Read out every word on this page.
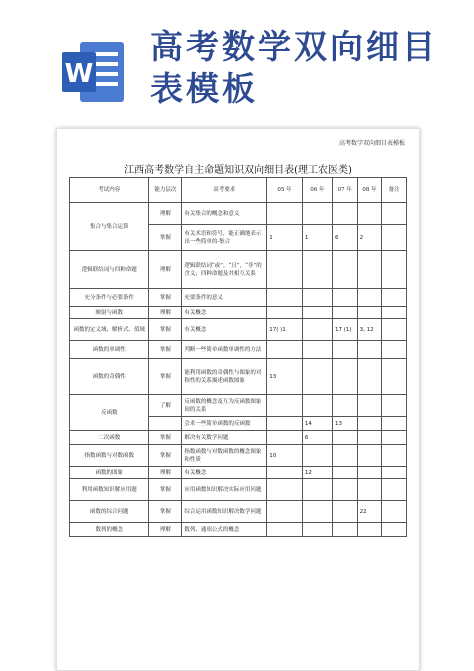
W
高考数学双向细目
表模板
高考数学双向细目表模板
江西高考数学自主命题知识双向细目表(理工农医类)
考试内容	能力层次	高考要求	05 年	06 年	07 年	08 年	备注
集合与集合运算	理解	有关集合的概念和意义					
	掌握	有关术语和符号，能正确地表示出一些简单的-集合	1	1	6	2	
逻辑联结词与四种命题	理解	逻辑联结词“或”，“且”，“非”的含义；四种命题及其相互关系					
充分条件与必要条件	掌握	充要条件的意义					
映射与函数	理解	有关概念					
函数的定义域、解析式、值域	掌握	有关概念	17( )1		17 (1)	3, 12	
函数的单调性	掌握	判断一些简单函数单调性的方法					
函数的奇偶性	掌握	能利用函数的奇偶性与图象的对称性的关系描述函数图象	13				
反函数	了解	反函数的概念及互为反函数图象间的关系					
		会求一些简单函数的反函数		14	13		
二次函数	掌握	解决有关数学问题		6			
指数函数与对数函数	掌握	指数函数与对数函数的概念图象和性质	10				
函数的图象	理解	有关概念		12			
利用函数知识解应用题	掌握	应用函数知识解决实际应用问题					
函数的综合问题	掌握	综合运用函数知识解决数学问题				22	
数列的概念	理解	数列、通项公式的概念					
